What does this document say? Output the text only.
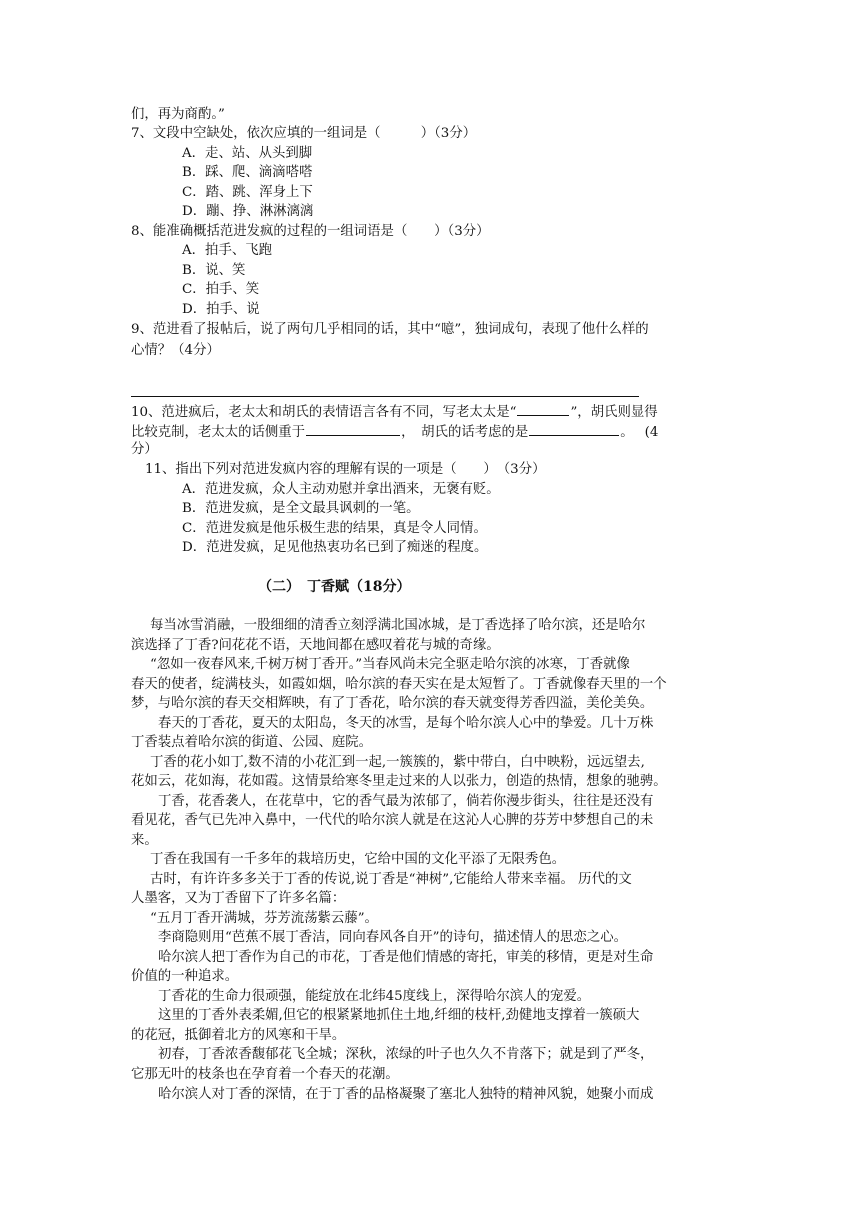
们，再为商酌。”
7、文段中空缺处，依次应填的一组词是（　　　）（3分）
A．走、站、从头到脚
B．踩、爬、滴滴嗒嗒
C．踏、跳、浑身上下
D．蹦、挣、淋淋漓漓
8、能准确概括范进发疯的过程的一组词语是（　　）（3分）
A．拍手、飞跑
B．说、笑
C．拍手、笑
D．拍手、说
9、范进看了报帖后，说了两句几乎相同的话，其中“噫”，独词成句，表现了他什么样的
心情？（4分）
10、范进疯后，老太太和胡氏的表情语言各有不同，写老太太是“	”，胡氏则显得
比较克制，老太太的话侧重于	，　胡氏的话考虑的是	。　 (4
分）
11、指出下列对范进发疯内容的理解有误的一项是（　　）　（3分）
A．范进发疯，众人主动劝慰并拿出酒来，无褒有贬。
B．范进发疯，是全文最具讽刺的一笔。
C．范进发疯是他乐极生悲的结果，真是令人同情。
D．范进发疯，足见他热衷功名已到了痴迷的程度。
（二）　丁香赋（18分）
每当冰雪消融，一股细细的清香立刻浮满北国冰城，是丁香选择了哈尔滨，还是哈尔
滨选择了丁香?问花花不语，天地间都在感叹着花与城的奇缘。
“忽如一夜春风来,千树万树丁香开。”当春风尚未完全驱走哈尔滨的冰寒，丁香就像
春天的使者，绽满枝头，如霞如烟，哈尔滨的春天实在是太短暂了。丁香就像春天里的一个
梦，与哈尔滨的春天交相辉映，有了丁香花，哈尔滨的春天就变得芳香四溢，美伦美奂。
春天的丁香花，夏天的太阳岛，冬天的冰雪，是每个哈尔滨人心中的挚爱。几十万株
丁香装点着哈尔滨的街道、公园、庭院。
丁香的花小如丁,数不清的小花汇到一起,一簇簇的，紫中带白，白中映粉，远远望去,
花如云，花如海，花如霞。这情景给寒冬里走过来的人以张力，创造的热情，想象的驰骋。
丁香，花香袭人，在花草中，它的香气最为浓郁了，倘若你漫步街头，往往是还没有
看见花，香气已先冲入鼻中，一代代的哈尔滨人就是在这沁人心脾的芬芳中梦想自己的未
来。
丁香在我国有一千多年的栽培历史，它给中国的文化平添了无限秀色。
古时，有许许多多关于丁香的传说,说丁香是“神树”,它能给人带来幸福。 历代的文
人墨客，又为丁香留下了许多名篇：
“五月丁香开满城，芬芳流荡紫云藤”。
李商隐则用“芭蕉不展丁香洁，同向春风各自开”的诗句，描述情人的思恋之心。
哈尔滨人把丁香作为自己的市花，丁香是他们情感的寄托，审美的移情，更是对生命
价值的一种追求。
丁香花的生命力很顽强，能绽放在北纬45度线上，深得哈尔滨人的宠爱。
这里的丁香外表柔媚,但它的根紧紧地抓住土地,纤细的枝杆,劲健地支撑着一簇硕大
的花冠，抵御着北方的风寒和干旱。
初春，丁香浓香馥郁花飞全城；深秋，浓绿的叶子也久久不肯落下；就是到了严冬，
它那无叶的枝条也在孕育着一个春天的花潮。
哈尔滨人对丁香的深情，在于丁香的品格凝聚了塞北人独特的精神风貌，她聚小而成
